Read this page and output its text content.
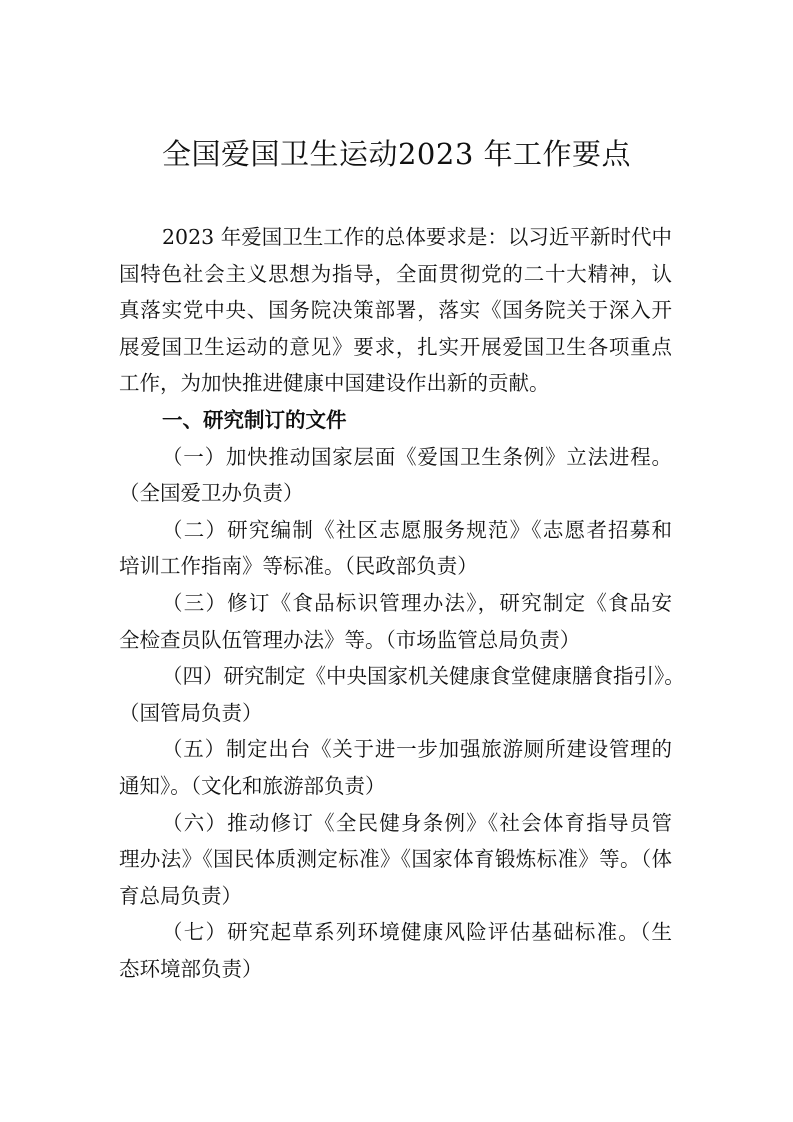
全国爱国卫生运动2023 年工作要点
2023 年爱国卫生工作的总体要求是：以习近平新时代中
国特色社会主义思想为指导，全面贯彻党的二十大精神，认
真落实党中央、国务院决策部署，落实《国务院关于深入开
展爱国卫生运动的意见》要求，扎实开展爱国卫生各项重点
工作，为加快推进健康中国建设作出新的贡献。
一、研究制订的文件
（一）加快推动国家层面《爱国卫生条例》立法进程。
（全国爱卫办负责）
（二）研究编制《社区志愿服务规范》《志愿者招募和
培训工作指南》等标准。（民政部负责）
（三）修订《食品标识管理办法》，研究制定《食品安
全检查员队伍管理办法》等。（市场监管总局负责）
（四）研究制定《中央国家机关健康食堂健康膳食指引》。
（国管局负责）
（五）制定出台《关于进一步加强旅游厕所建设管理的
通知》。（文化和旅游部负责）
（六）推动修订《全民健身条例》《社会体育指导员管
理办法》《国民体质测定标准》《国家体育锻炼标准》等。（体
育总局负责）
（七）研究起草系列环境健康风险评估基础标准。（生
态环境部负责）
